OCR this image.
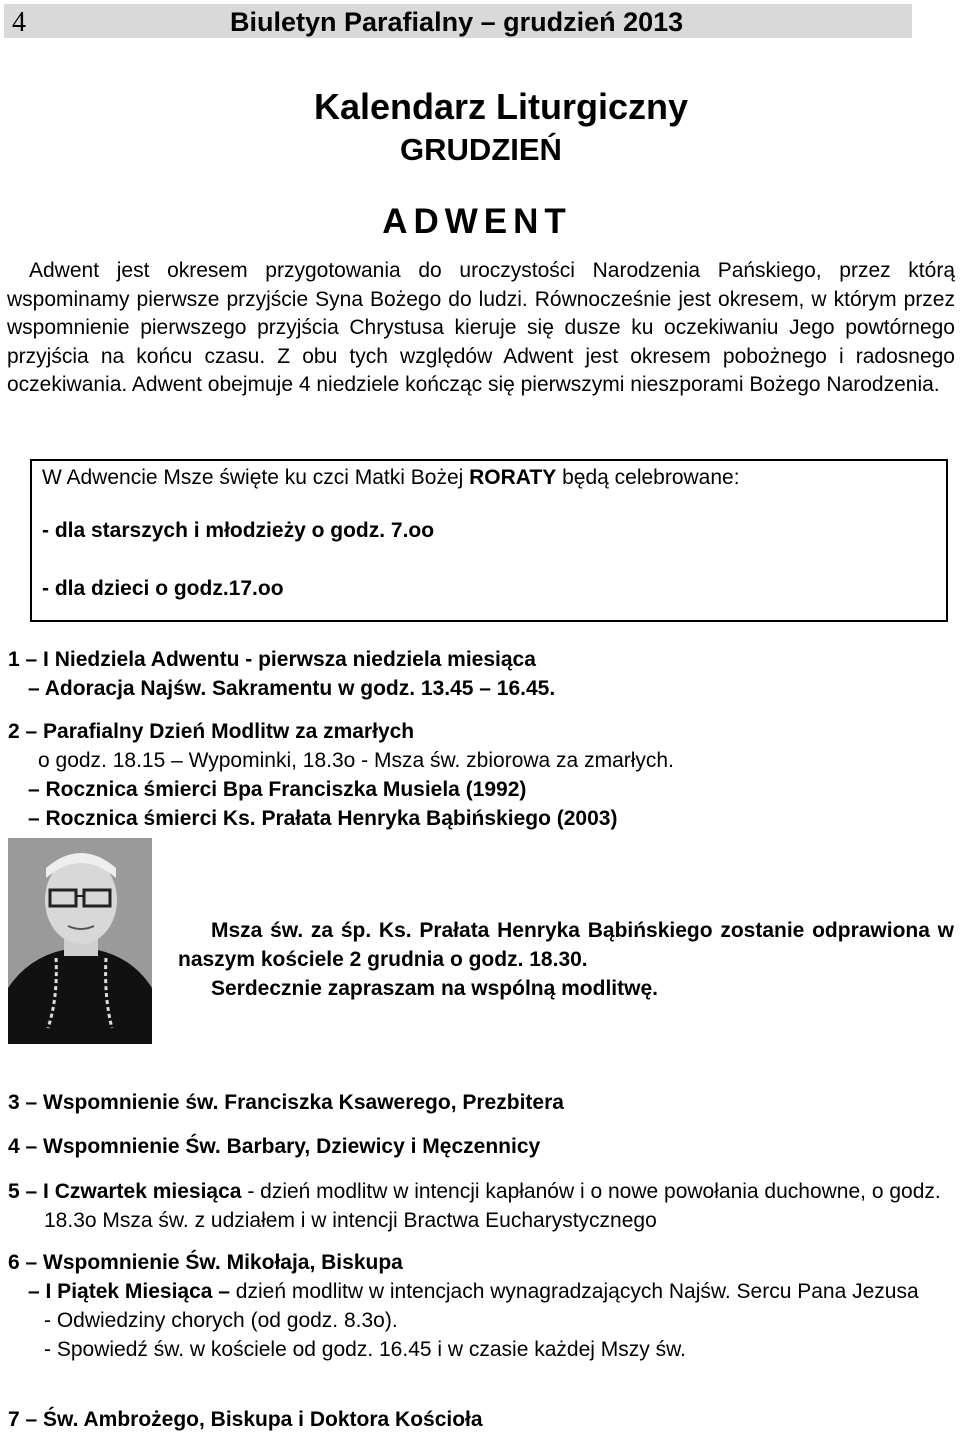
4	Biuletyn Parafialny – grudzień 2013
Kalendarz Liturgiczny
GRUDZIEŃ
ADWENT
Adwent jest okresem przygotowania do uroczystości Narodzenia Pańskiego, przez którą wspominamy pierwsze przyjście Syna Bożego do ludzi. Równocześnie jest okresem, w którym przez wspomnienie pierwszego przyjścia Chrystusa kieruje się dusze ku oczekiwaniu Jego powtórnego przyjścia na końcu czasu. Z obu tych względów Adwent jest okresem pobożnego i radosnego oczekiwania. Adwent obejmuje 4 niedziele kończąc się pierwszymi nieszporami Bożego Narodzenia.
W Adwencie Msze święte ku czci Matki Bożej RORATY będą celebrowane:
- dla starszych i młodzieży o godz. 7.oo
- dla dzieci o godz.17.oo
1 – I Niedziela Adwentu - pierwsza niedziela miesiąca
– Adoracja Najśw. Sakramentu w godz. 13.45 – 16.45.
2 – Parafialny Dzień Modlitw za zmarłych
o godz. 18.15 – Wypominki, 18.3o - Msza św. zbiorowa za zmarłych.
– Rocznica śmierci Bpa Franciszka Musiela (1992)
– Rocznica śmierci Ks. Prałata Henryka Bąbińskiego (2003)
Msza św. za śp. Ks. Prałata Henryka Bąbińskiego zostanie odprawiona w naszym kościele 2 grudnia o godz. 18.30.
Serdecznie zapraszam na wspólną modlitwę.
3 – Wspomnienie św. Franciszka Ksawerego, Prezbitera
4 – Wspomnienie Św. Barbary, Dziewicy i Męczennicy
5 – I Czwartek miesiąca - dzień modlitw w intencji kapłanów i o nowe powołania duchowne, o godz. 18.3o Msza św. z udziałem i w intencji Bractwa Eucharystycznego
6 – Wspomnienie Św. Mikołaja, Biskupa
– I Piątek Miesiąca – dzień modlitw w intencjach wynagradzających Najśw. Sercu Pana Jezusa
- Odwiedziny chorych (od godz. 8.3o).
- Spowiedź św. w kościele od godz. 16.45 i w czasie każdej Mszy św.
7 – Św. Ambrożego, Biskupa i Doktora Kościoła
